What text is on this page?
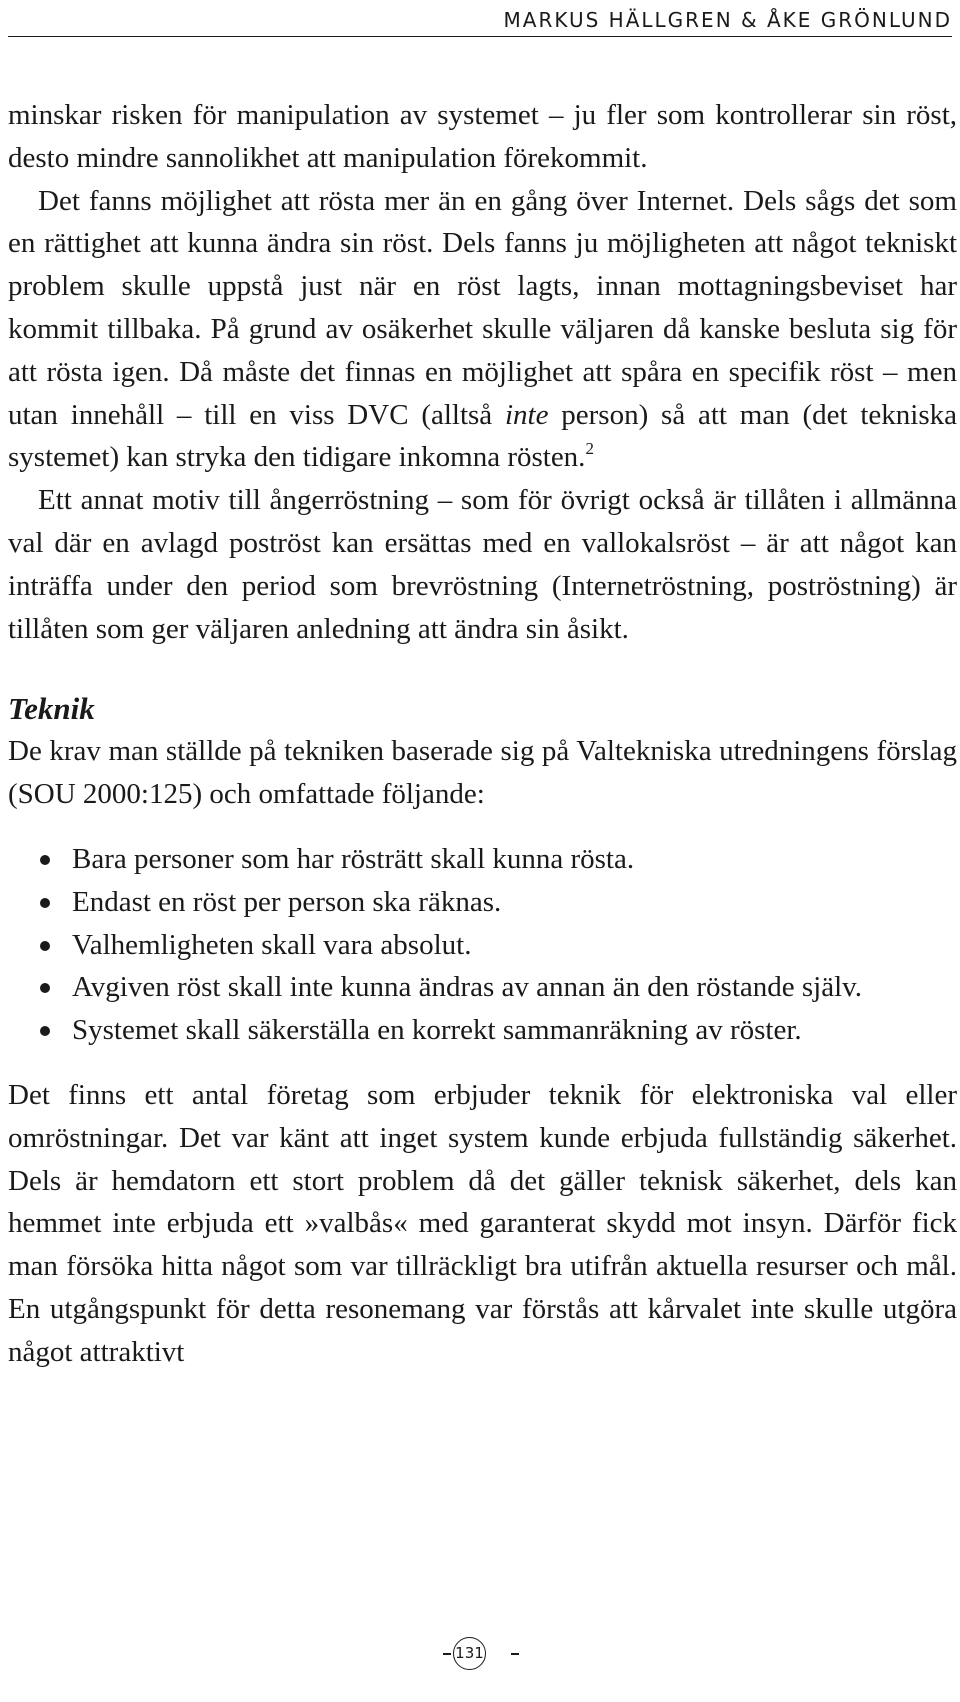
MARKUS HÄLLGREN & ÅKE GRÖNLUND

minskar risken för manipulation av systemet – ju fler som kontrollerar sin röst, desto mindre sannolikhet att manipulation förekommit.

Det fanns möjlighet att rösta mer än en gång över Internet. Dels sågs det som en rättighet att kunna ändra sin röst. Dels fanns ju möjligheten att något tekniskt problem skulle uppstå just när en röst lagts, innan mottagningsbeviset har kommit tillbaka. På grund av osäkerhet skulle väljaren då kanske besluta sig för att rösta igen. Då måste det finnas en möjlighet att spåra en specifik röst – men utan innehåll – till en viss DVC (alltså inte person) så att man (det tekniska systemet) kan stryka den tidigare inkomna rösten.$^2$

Ett annat motiv till ångerröstning – som för övrigt också är tillåten i allmänna val där en avlagd poströst kan ersättas med en vallokalsröst – är att något kan inträffa under den period som brevröstning (Internetröstning, poströstning) är tillåten som ger väljaren anledning att ändra sin åsikt.

Teknik

De krav man ställde på tekniken baserade sig på Valtekniska utredningens förslag (SOU 2000:125) och omfattade följande:

Bara personer som har rösträtt skall kunna rösta.
Endast en röst per person ska räknas.
Valhemligheten skall vara absolut.
Avgiven röst skall inte kunna ändras av annan än den röstande själv.
Systemet skall säkerställa en korrekt sammanräkning av röster.

Det finns ett antal företag som erbjuder teknik för elektroniska val eller omröstningar. Det var känt att inget system kunde erbjuda fullständig säkerhet. Dels är hemdatorn ett stort problem då det gäller teknisk säkerhet, dels kan hemmet inte erbjuda ett »valbås« med garanterat skydd mot insyn. Därför fick man försöka hitta något som var tillräckligt bra utifrån aktuella resurser och mål. En utgångspunkt för detta resonemang var förstås att kårvalet inte skulle utgöra något attraktivt

131
